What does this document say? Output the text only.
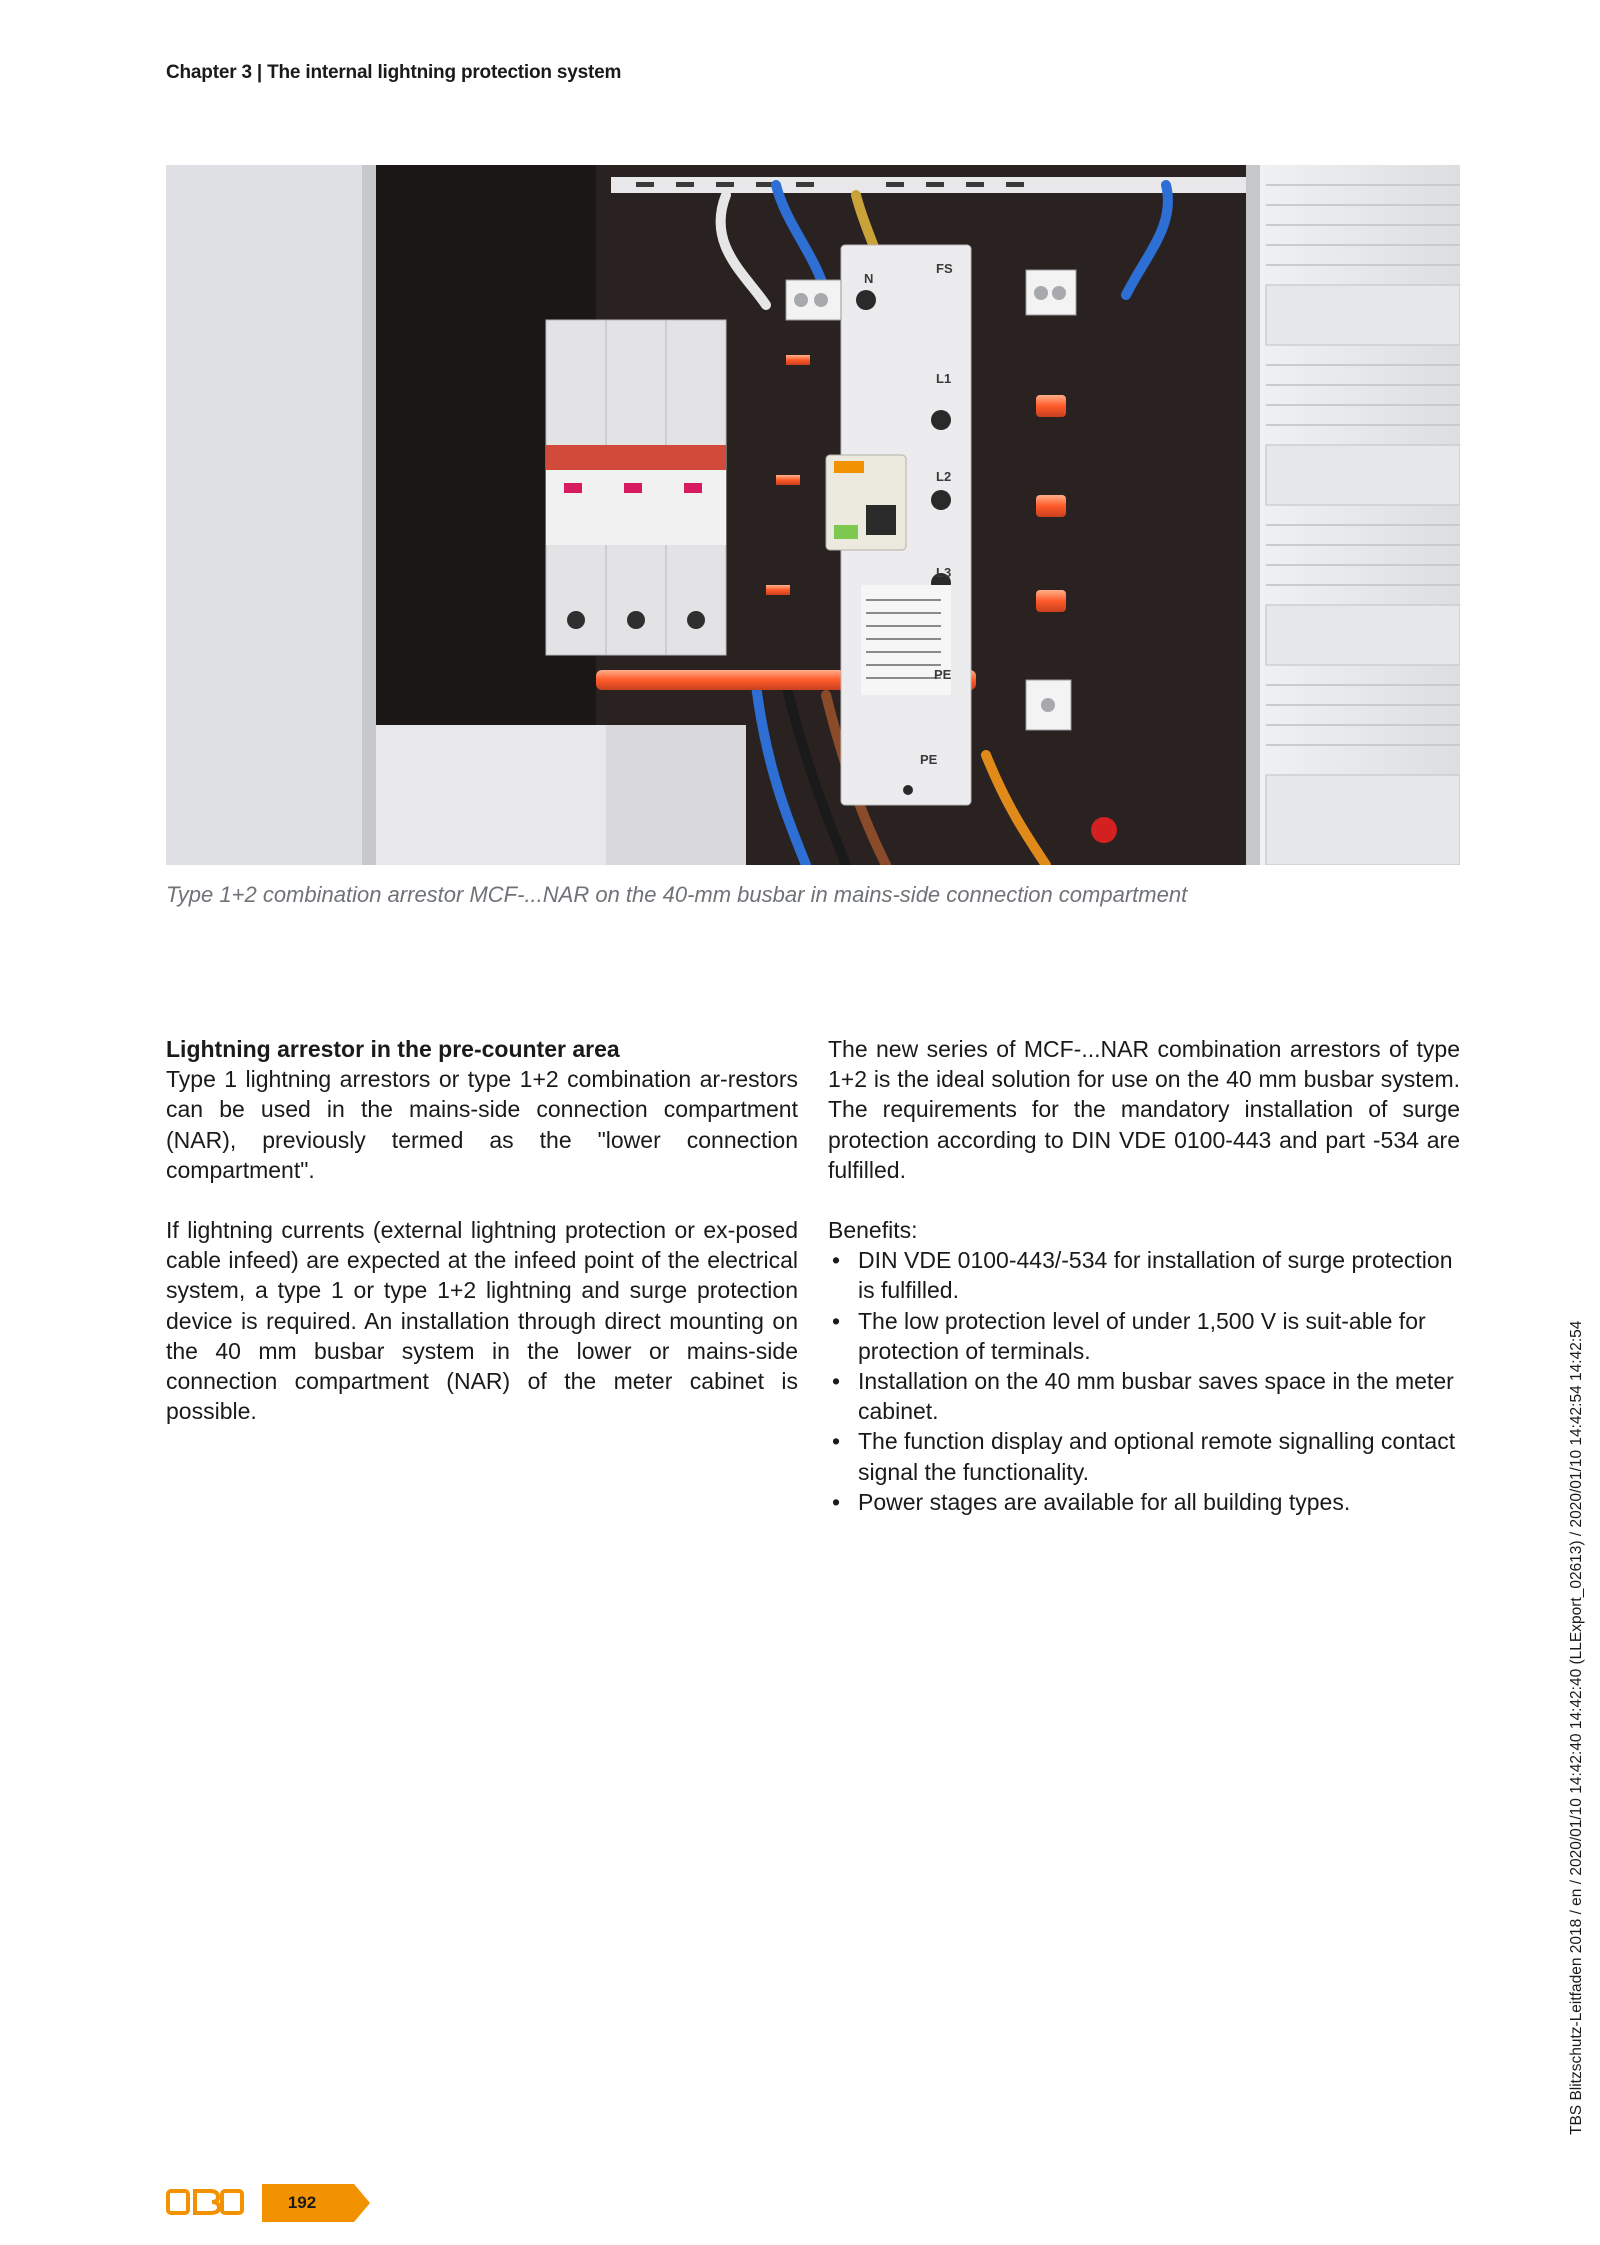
Chapter 3 | The internal lightning protection system
N
FS
L1
L2
L3
PE
PE
Type 1+2 combination arrestor MCF-...NAR on the 40-mm busbar in mains-side connection compartment
Lightning arrestor in the pre-counter area

Type 1 lightning arrestors or type 1+2 combination ar-restors can be used in the mains-side connection compartment (NAR), previously termed as the "lower connection compartment".

If lightning currents (external lightning protection or ex-posed cable infeed) are expected at the infeed point of the electrical system, a type 1 or type 1+2 lightning and surge protection device is required. An installation through direct mounting on the 40 mm busbar system in the lower or mains-side connection compartment (NAR) of the meter cabinet is possible.

The new series of MCF-...NAR combination arrestors of type 1+2 is the ideal solution for use on the 40 mm busbar system. The requirements for the mandatory installation of surge protection according to DIN VDE 0100-443 and part -534 are fulfilled.

Benefits:

• DIN VDE 0100-443/-534 for installation of surge protection is fulfilled.
• The low protection level of under 1,500 V is suit-able for protection of terminals.
• Installation on the 40 mm busbar saves space in the meter cabinet.
• The function display and optional remote signalling contact signal the functionality.
• Power stages are available for all building types.	TBS Blitzschutz-Leitfaden 2018 / en / 2020/01/10 14:42:40 14:42:40 (LLExport_02613) / 2020/01/10 14:42:54 14:42:54
OBO
192
